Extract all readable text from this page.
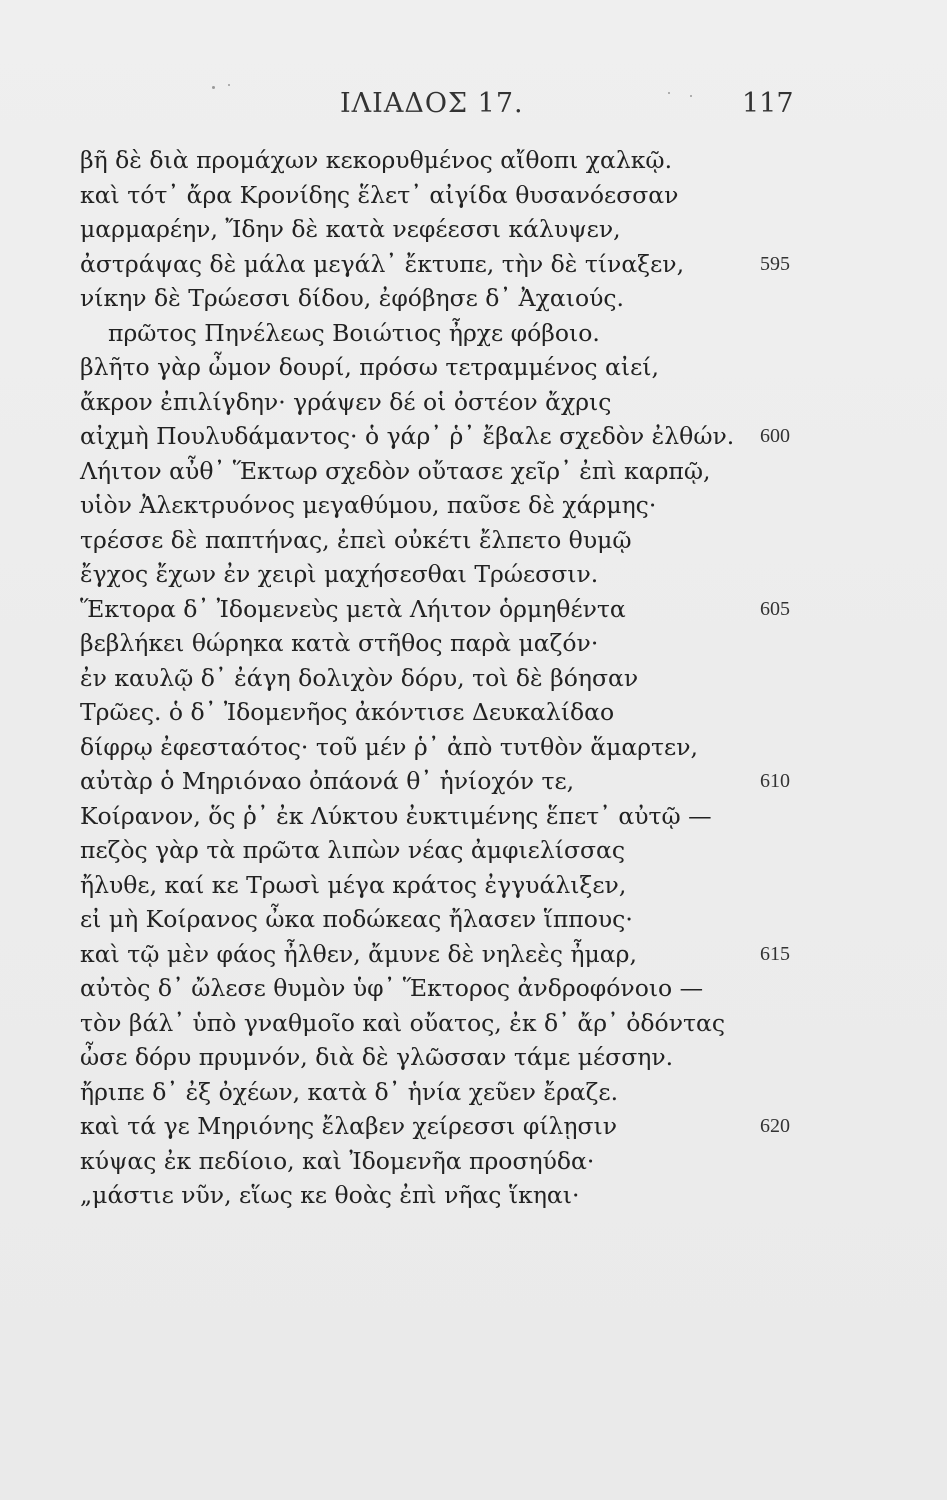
ΙΛΙΑΔΟΣ 17.	117
βῆ δὲ διὰ προμάχων κεκορυθμένος αἴθοπι χαλκῷ.
καὶ τότ᾽ ἄρα Κρονίδης ἕλετ᾽ αἰγίδα θυσανόεσσαν
μαρμαρέην, Ἴδην δὲ κατὰ νεφέεσσι κάλυψεν,
ἀστράψας δὲ μάλα μεγάλ᾽ ἔκτυπε, τὴν δὲ τίναξεν,	595
νίκην δὲ Τρώεσσι δίδου, ἐφόβησε δ᾽ Ἀχαιούς.
πρῶτος Πηνέλεως Βοιώτιος ἦρχε φόβοιο.
βλῆτο γὰρ ὦμον δουρί, πρόσω τετραμμένος αἰεί,
ἄκρον ἐπιλίγδην· γράψεν δέ οἱ ὀστέον ἄχρις
αἰχμὴ Πουλυδάμαντος· ὁ γάρ᾽ ῥ᾽ ἔβαλε σχεδὸν ἐλθών. 600
Λήιτον αὖθ᾽ Ἕκτωρ σχεδὸν οὔτασε χεῖρ᾽ ἐπὶ καρπῷ,
υἱὸν Ἀλεκτρυόνος μεγαθύμου, παῦσε δὲ χάρμης·
τρέσσε δὲ παπτήνας, ἐπεὶ οὐκέτι ἔλπετο θυμῷ
ἔγχος ἔχων ἐν χειρὶ μαχήσεσθαι Τρώεσσιν.
Ἕκτορα δ᾽ Ἰδομενεὺς μετὰ Λήιτον ὁρμηθέντα	605
βεβλήκει θώρηκα κατὰ στῆθος παρὰ μαζόν·
ἐν καυλῷ δ᾽ ἐάγη δολιχὸν δόρυ, τοὶ δὲ βόησαν
Τρῶες. ὁ δ᾽ Ἰδομενῆος ἀκόντισε Δευκαλίδαο
δίφρῳ ἐφεσταότος· τοῦ μέν ῥ᾽ ἀπὸ τυτθὸν ἅμαρτεν,
αὐτὰρ ὁ Μηριόναο ὀπάονά θ᾽ ἡνίοχόν τε,	610
Κοίρανον, ὅς ῥ᾽ ἐκ Λύκτου ἐυκτιμένης ἕπετ᾽ αὐτῷ —
πεζὸς γὰρ τὰ πρῶτα λιπὼν νέας ἀμφιελίσσας
ἤλυθε, καί κε Τρωσὶ μέγα κράτος ἐγγυάλιξεν,
εἰ μὴ Κοίρανος ὦκα ποδώκεας ἤλασεν ἵππους·
καὶ τῷ μὲν φάος ἦλθεν, ἄμυνε δὲ νηλεὲς ἦμαρ,	615
αὐτὸς δ᾽ ὤλεσε θυμὸν ὑφ᾽ Ἕκτορος ἀνδροφόνοιο —
τὸν βάλ᾽ ὑπὸ γναθμοῖο καὶ οὔατος, ἐκ δ᾽ ἄρ᾽ ὀδόντας
ὦσε δόρυ πρυμνόν, διὰ δὲ γλῶσσαν τάμε μέσσην.
ἤριπε δ᾽ ἐξ ὀχέων, κατὰ δ᾽ ἡνία χεῦεν ἔραζε.
καὶ τά γε Μηριόνης ἔλαβεν χείρεσσι φίλῃσιν	620
κύψας ἐκ πεδίοιο, καὶ Ἰδομενῆα προσηύδα·
„μάστιε νῦν, εἵως κε θοὰς ἐπὶ νῆας ἵκηαι·
